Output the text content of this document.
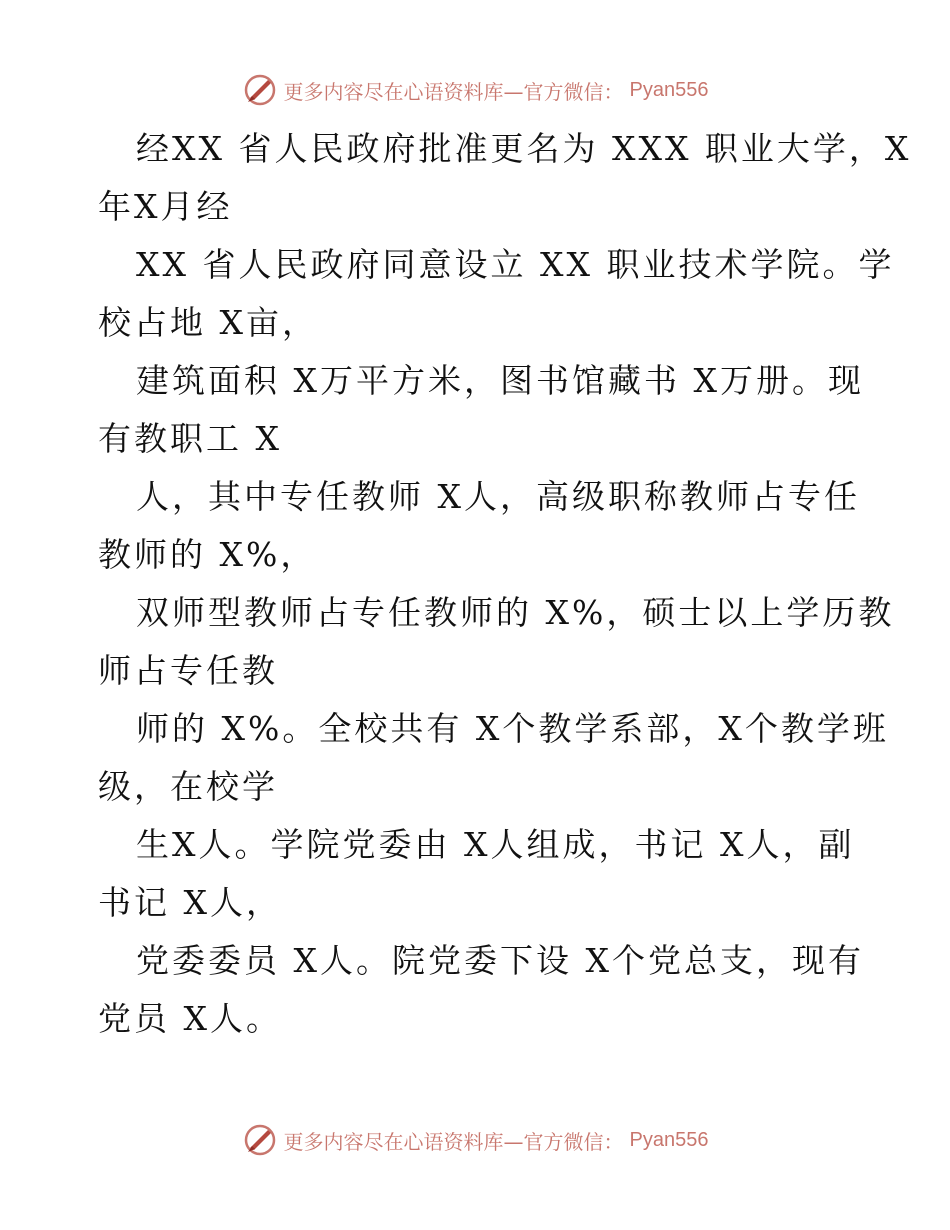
更多内容尽在心语资料库—官方微信： Pyan556

经XX 省人民政府批准更名为 XXX 职业大学，X
年X月经

XX 省人民政府同意设立 XX 职业技术学院。学
校占地 X亩，

建筑面积 X万平方米，图书馆藏书 X万册。现
有教职工 X

人，其中专任教师 X人，高级职称教师占专任
教师的 X%，

双师型教师占专任教师的 X%，硕士以上学历教
师占专任教

师的 X%。全校共有 X个教学系部，X个教学班
级，在校学

生X人。学院党委由 X人组成，书记 X人，副
书记 X人，

党委委员 X人。院党委下设 X个党总支，现有
党员 X人。

更多内容尽在心语资料库—官方微信： Pyan556
